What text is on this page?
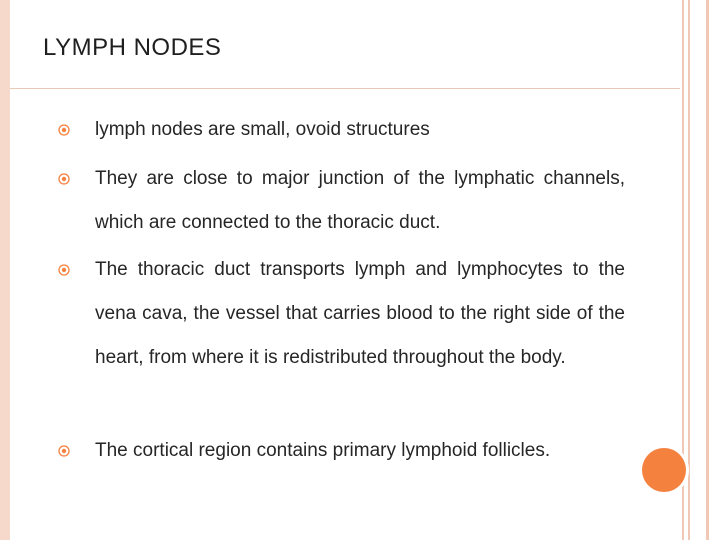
LYMPH NODES
lymph nodes are small, ovoid structures
They are close to major junction of the lymphatic channels, which are connected to the thoracic duct.
The thoracic duct transports lymph and lymphocytes to the vena cava, the vessel that carries blood to the right side of the heart, from where it is redistributed throughout the body.
The cortical region contains primary lymphoid follicles.
